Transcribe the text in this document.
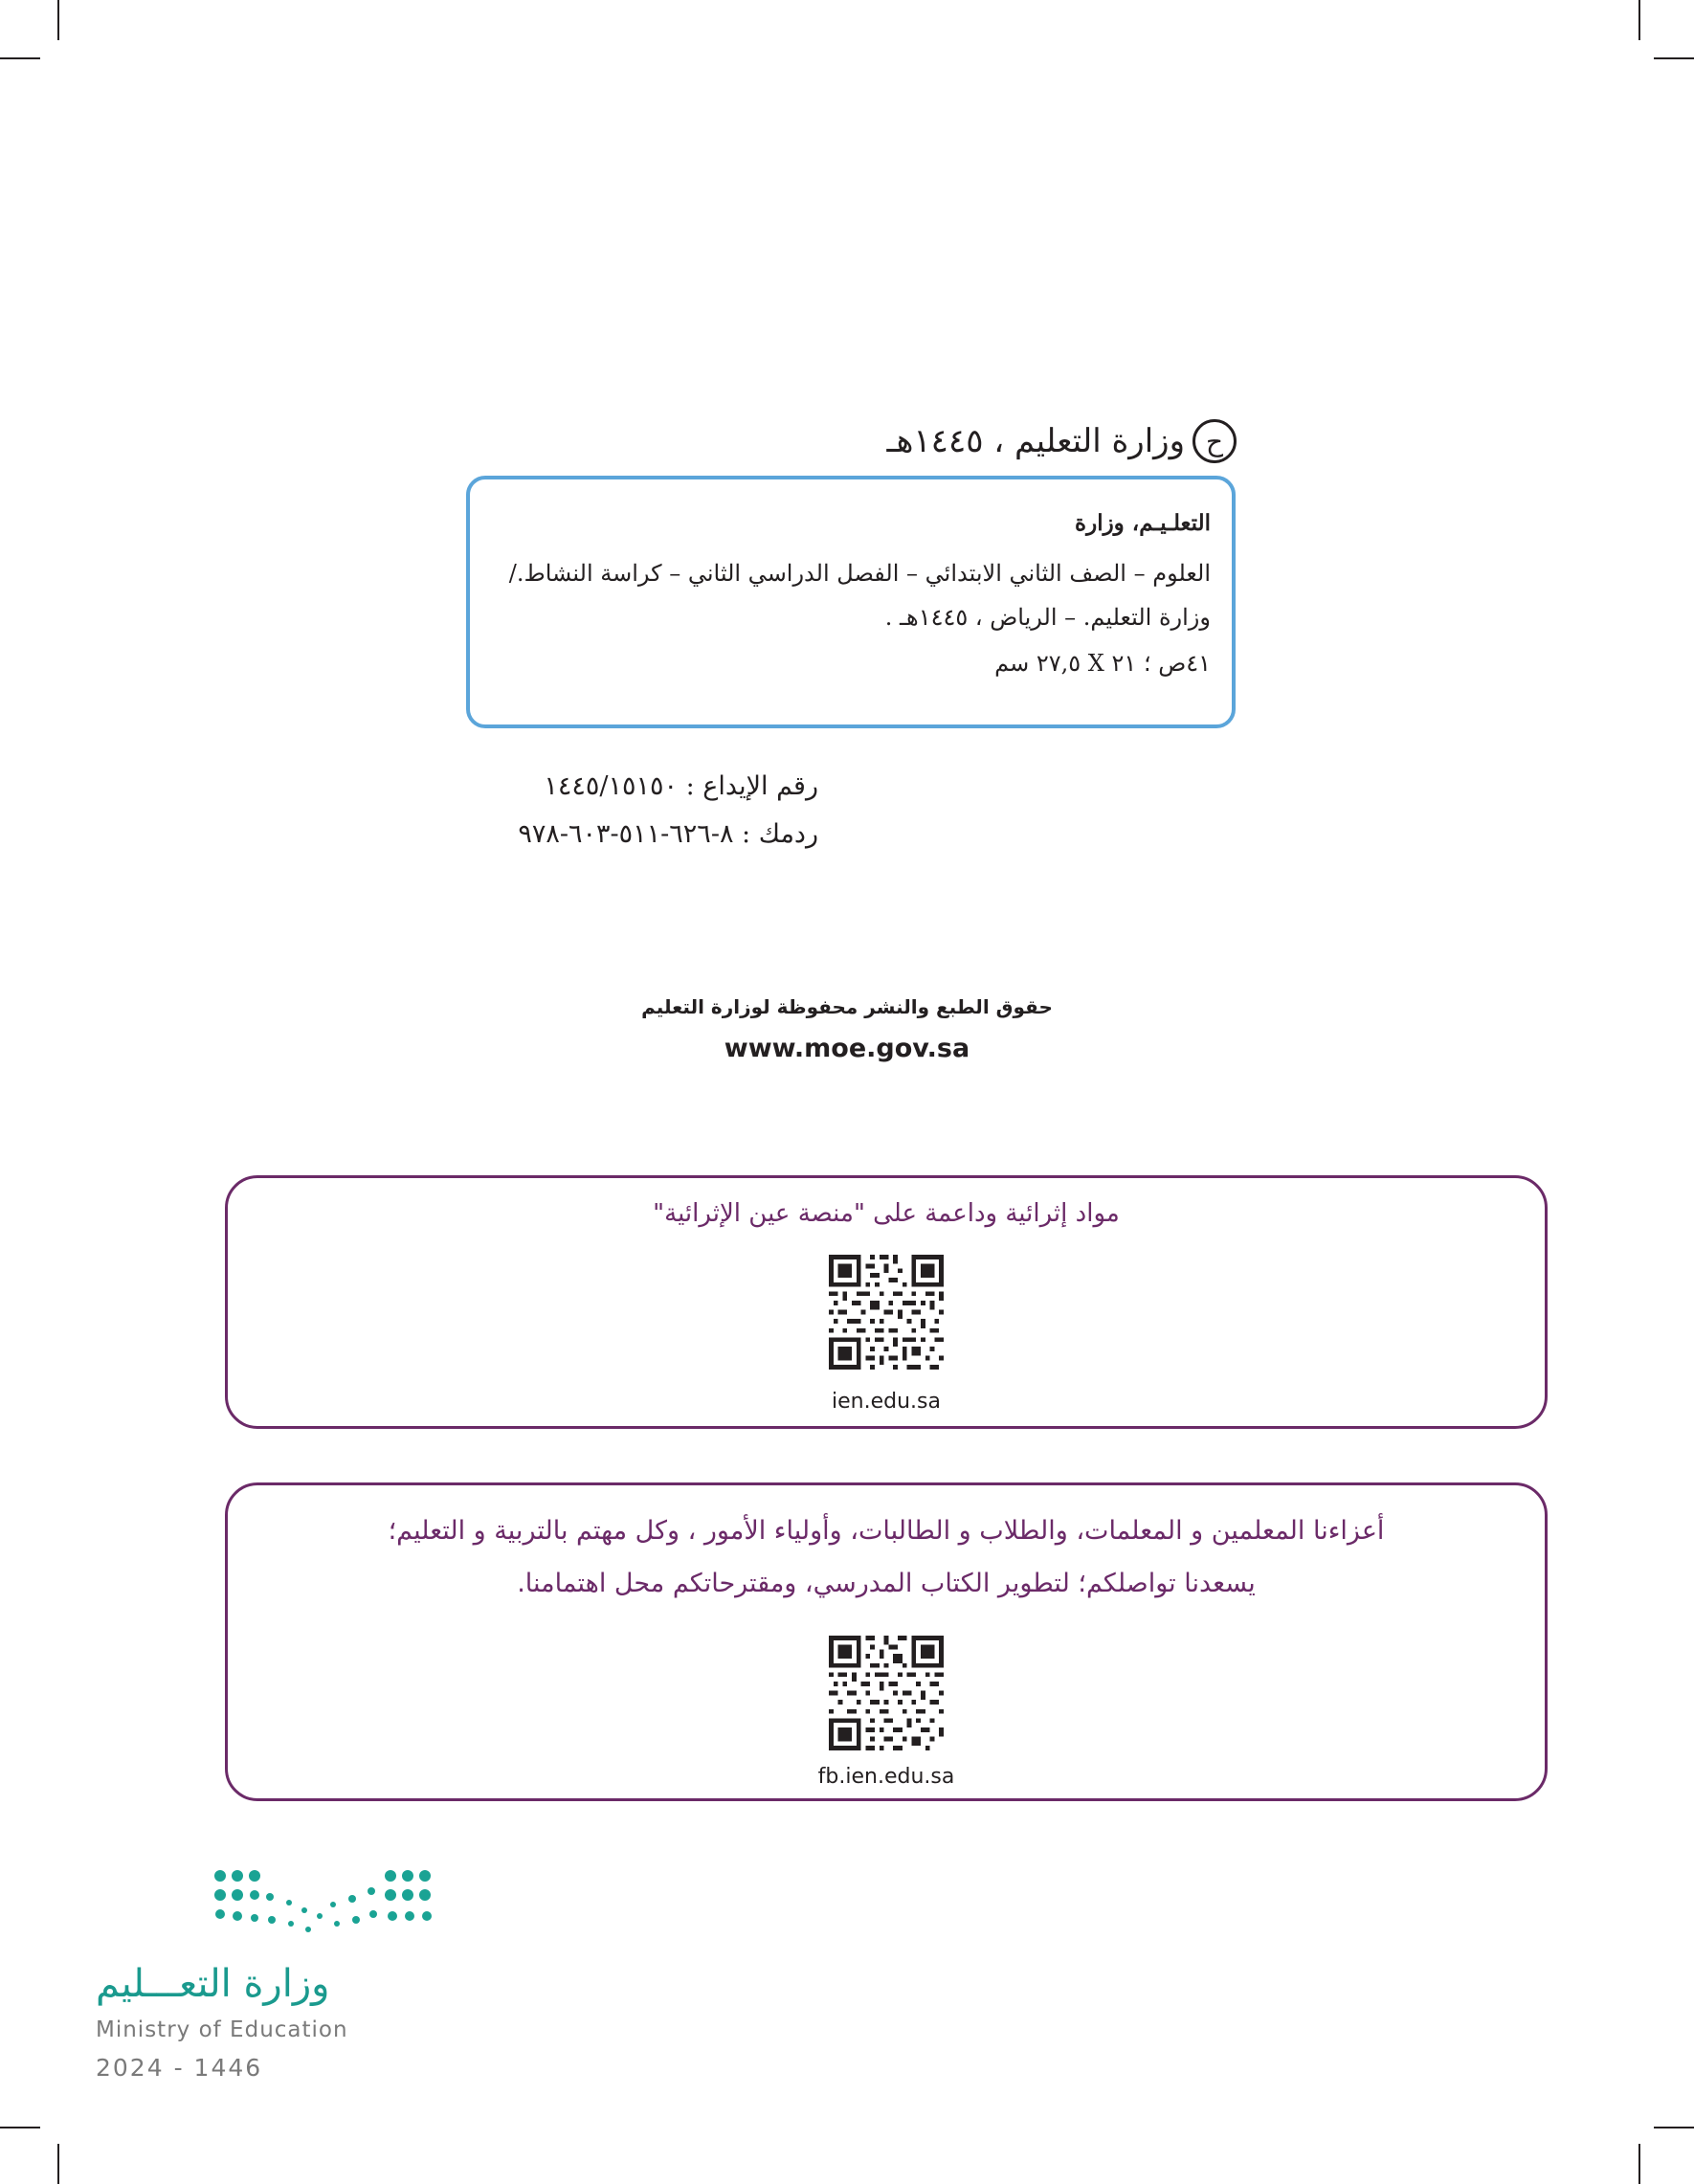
ح
وزارة التعليم ، ١٤٤٥هـ
التعلـيـم، وزارة
العلوم – الصف الثاني الابتدائي – الفصل الدراسي الثاني – كراسة النشاط./
وزارة التعليم. – الرياض ، ١٤٤٥هـ .
٤١ص ؛ ٢١ X ٢٧,٥ سم
رقم الإيداع : ١٤٤٥/١٥١٥٠
ردمك : ٨-٦٢٦-٥١١-٦٠٣-٩٧٨
حقوق الطبع والنشر محفوظة لوزارة التعليم
www.moe.gov.sa
مواد إثرائية وداعمة على "منصة عين الإثرائية"
ien.edu.sa
أعزاءنا المعلمين و المعلمات، والطلاب و الطالبات، وأولياء الأمور ، وكل مهتم بالتربية و التعليم؛
يسعدنا تواصلكم؛ لتطوير الكتاب المدرسي، ومقترحاتكم محل اهتمامنا.
fb.ien.edu.sa
وزارة التعـــليم
Ministry of Education
2024 - 1446
